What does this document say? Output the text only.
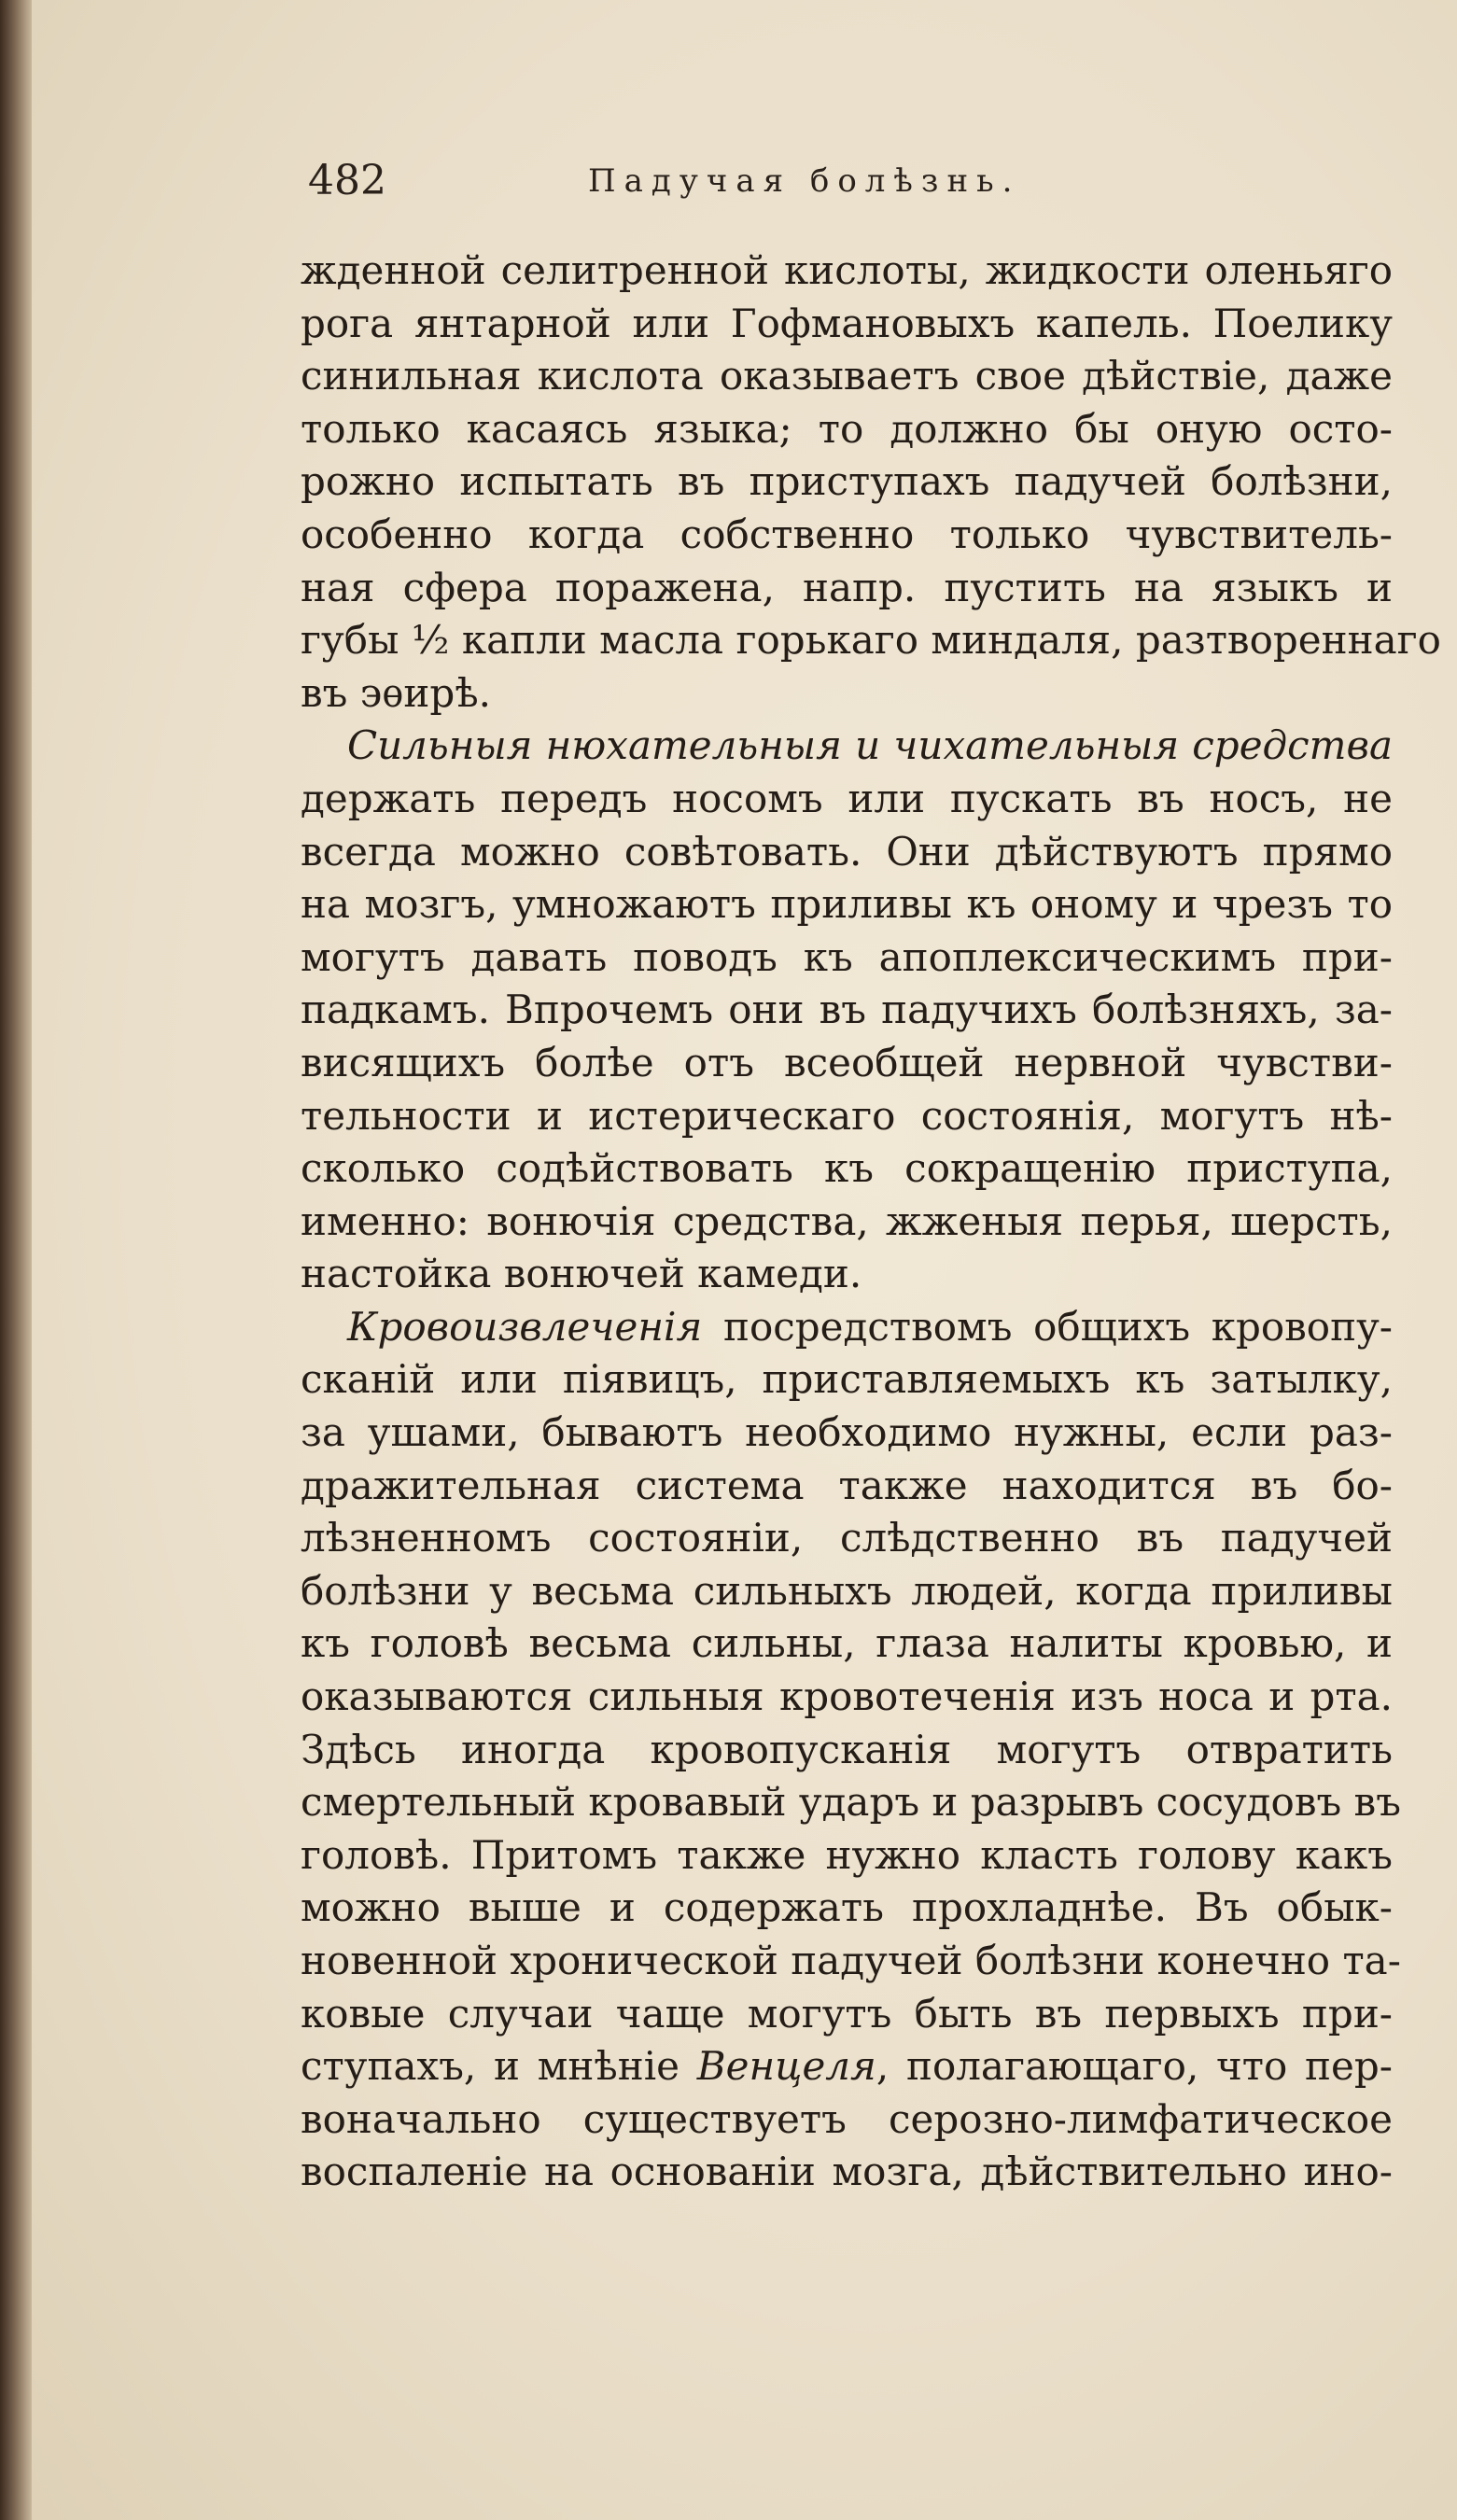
482	Падучая болѣзнь.
жденной селитренной кислоты, жидкости оленьяго
рога янтарной или Гофмановыхъ капель. Поелику
синильная кислота оказываетъ свое дѣйствіе, даже
только касаясь языка; то должно бы оную осто-
рожно испытать въ приступахъ падучей болѣзни,
особенно когда собственно только чувствитель-
ная сфера поражена, напр. пустить на языкъ и
губы ½ капли масла горькаго миндаля, разтвореннаго
въ эѳирѣ.
Сильныя нюхательныя и чихательныя средства
держать передъ носомъ или пускать въ носъ, не
всегда можно совѣтовать. Они дѣйствуютъ прямо
на мозгъ, умножаютъ приливы къ оному и чрезъ то
могутъ давать поводъ къ апоплексическимъ при-
падкамъ. Впрочемъ они въ падучихъ болѣзняхъ, за-
висящихъ болѣе отъ всеобщей нервной чувстви-
тельности и истерическаго состоянія, могутъ нѣ-
сколько содѣйствовать къ сокращенію приступа,
именно: вонючія средства, жженыя перья, шерсть,
настойка вонючей камеди.
Кровоизвлеченія посредствомъ общихъ кровопу-
сканій или піявицъ, приставляемыхъ къ затылку,
за ушами, бываютъ необходимо нужны, если раз-
дражительная система также находится въ бо-
лѣзненномъ состояніи, слѣдственно въ падучей
болѣзни у весьма сильныхъ людей, когда приливы
къ головѣ весьма сильны, глаза налиты кровью, и
оказываются сильныя кровотеченія изъ носа и рта.
Здѣсь иногда кровопусканія могутъ отвратить
смертельный кровавый ударъ и разрывъ сосудовъ въ
головѣ. Притомъ также нужно класть голову какъ
можно выше и содержать прохладнѣе. Въ обык-
новенной хронической падучей болѣзни конечно та-
ковые случаи чаще могутъ быть въ первыхъ при-
ступахъ, и мнѣніе Венцеля, полагающаго, что пер-
воначально существуетъ серозно-лимфатическое
воспаленіе на основаніи мозга, дѣйствительно ино-
